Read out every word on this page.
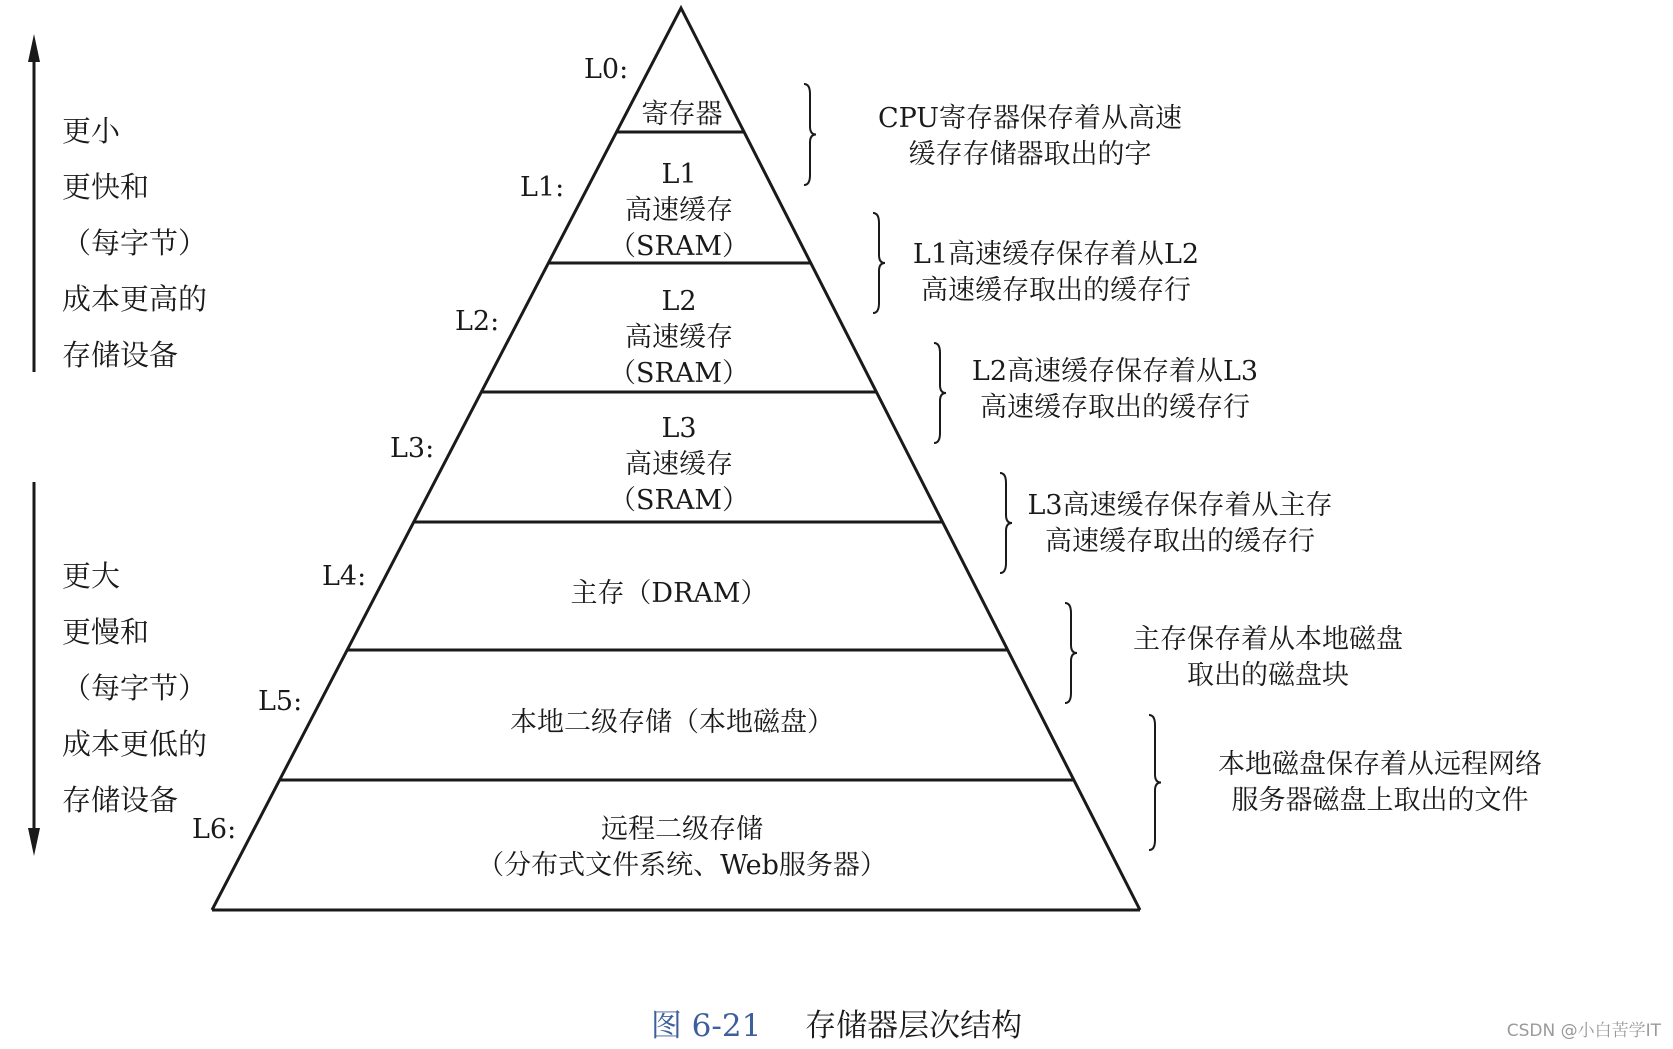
L0:
寄存器
L1:	L1
高速缓存
（SRAM）
L2:
L2
高速缓存
（SRAM）
L3:
L3
高速缓存
（SRAM）
L4:
主存（DRAM）
L5:
本地二级存储（本地磁盘）
L6:	远程二级存储
（分布式文件系统、Web服务器）
CPU寄存器保存着从高速
缓存存储器取出的字
L1高速缓存保存着从L2
高速缓存取出的缓存行
L2高速缓存保存着从L3
高速缓存取出的缓存行
L3高速缓存保存着从主存
高速缓存取出的缓存行
主存保存着从本地磁盘
取出的磁盘块
本地磁盘保存着从远程网络
服务器磁盘上取出的文件
更小
更快和
（每字节）
成本更高的
存储设备
更大
更慢和
（每字节）
成本更低的
存储设备
图 6-21 存储器层次结构	CSDN @小白苦学IT
